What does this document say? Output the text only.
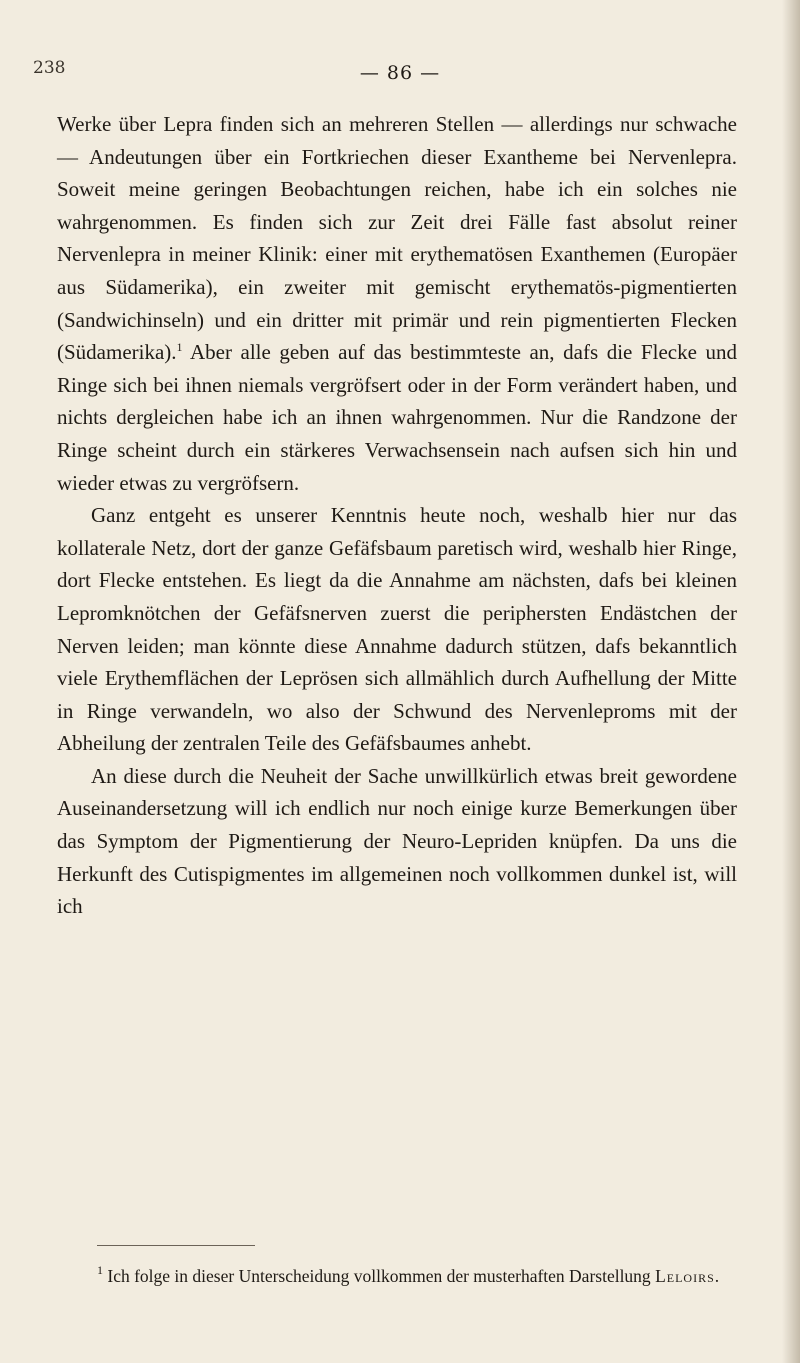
238	— 86 —

Werke über Lepra finden sich an mehreren Stellen — allerdings nur schwache — Andeutungen über ein Fortkriechen dieser Exantheme bei Nervenlepra. Soweit meine geringen Beobachtungen reichen, habe ich ein solches nie wahrgenommen. Es finden sich zur Zeit drei Fälle fast absolut reiner Nervenlepra in meiner Klinik: einer mit erythematösen Exanthemen (Europäer aus Südamerika), ein zweiter mit gemischt erythematös-pigmentierten (Sandwichinseln) und ein dritter mit primär und rein pigmentierten Flecken (Südamerika).$^1$ Aber alle geben auf das bestimmteste an, dafs die Flecke und Ringe sich bei ihnen niemals vergröfsert oder in der Form verändert haben, und nichts dergleichen habe ich an ihnen wahrgenommen. Nur die Randzone der Ringe scheint durch ein stärkeres Verwachsensein nach aufsen sich hin und wieder etwas zu vergröfsern.

Ganz entgeht es unserer Kenntnis heute noch, weshalb hier nur das kollaterale Netz, dort der ganze Gefäfsbaum paretisch wird, weshalb hier Ringe, dort Flecke entstehen. Es liegt da die Annahme am nächsten, dafs bei kleinen Lepromknötchen der Gefäfsnerven zuerst die periphersten Endästchen der Nerven leiden; man könnte diese Annahme dadurch stützen, dafs bekanntlich viele Erythemflächen der Leprösen sich allmählich durch Aufhellung der Mitte in Ringe verwandeln, wo also der Schwund des Nervenleproms mit der Abheilung der zentralen Teile des Gefäfsbaumes anhebt.

An diese durch die Neuheit der Sache unwillkürlich etwas breit gewordene Auseinandersetzung will ich endlich nur noch einige kurze Bemerkungen über das Symptom der Pigmentierung der Neuro-Lepriden knüpfen. Da uns die Herkunft des Cutispigmentes im allgemeinen noch vollkommen dunkel ist, will ich

$^1$ Ich folge in dieser Unterscheidung vollkommen der musterhaften Darstellung Leloirs.
